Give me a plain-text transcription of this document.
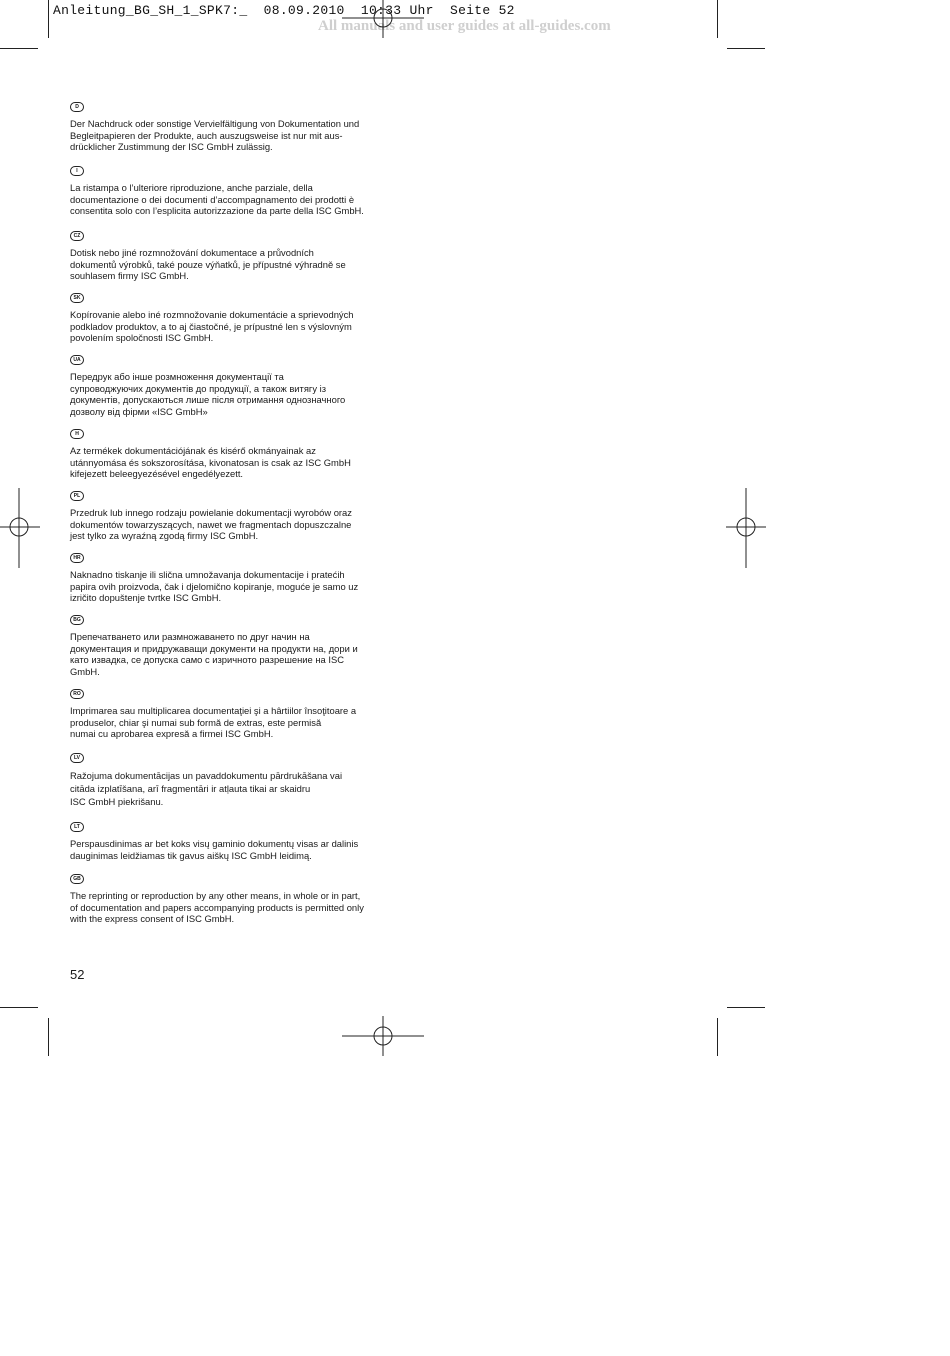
Anleitung_BG_SH_1_SPK7:_  08.09.2010  10:33 Uhr  Seite 52
All manuals and user guides at all-guides.com
D
Der Nachdruck oder sonstige Vervielfältigung von Dokumentation und
Begleitpapieren der Produkte, auch auszugsweise ist nur mit aus-
drücklicher Zustimmung der ISC GmbH zulässig.
I
La ristampa o l’ulteriore riproduzione, anche parziale, della
documentazione o dei documenti d’accompagnamento dei prodotti è
consentita solo con l’esplicita autorizzazione da parte della ISC GmbH.
CZ
Dotisk nebo jiné rozmnožování dokumentace a průvodních
dokumentů výrobků, také pouze výňatků, je přípustné výhradně se
souhlasem firmy ISC GmbH.
SK
Kopírovanie alebo iné rozmnožovanie dokumentácie a sprievodných
podkladov produktov, a to aj čiastočné, je prípustné len s výslovným
povolením spoločnosti ISC GmbH.
UA
Передрук або інше розмноження документації та
супроводжуючих документів до продукції, а також витягу із
документів, допускаються лише після отримання однозначного
дозволу від фірми «ISC GmbH»
H
Az termékek dokumentációjának és kisérő okmányainak az
utánnyomása és sokszorosítása, kivonatosan is csak az ISC GmbH
kifejezett beleegyezésével engedélyezett.
PL
Przedruk lub innego rodzaju powielanie dokumentacji wyrobów oraz
dokumentów towarzyszących, nawet we fragmentach dopuszczalne
jest tylko za wyraźną zgodą firmy ISC GmbH.
HR
Naknadno tiskanje ili slična umnožavanja dokumentacije i pratećih
papira ovih proizvoda, čak i djelomično kopiranje, moguće je samo uz
izričito dopuštenje tvrtke ISC GmbH.
BG
Препечатването или размножаването по друг начин на
документация и придружаващи документи на продукти на, дори и
като извадка, се допуска само с изричното разрешение на ISC
GmbH.
RO
Imprimarea sau multiplicarea documentaţiei şi a hârtiilor însoţitoare a
produselor, chiar şi numai sub formă de extras, este permisă
numai cu aprobarea expresă a firmei ISC GmbH.
LV
Ražojuma dokumentācijas un pavaddokumentu pārdrukāšana vai
citāda izplatīšana, arī fragmentāri ir atļauta tikai ar skaidru
ISC GmbH piekrišanu.
LT
Perspausdinimas ar bet koks visų gaminio dokumentų visas ar dalinis
dauginimas leidžiamas tik gavus aiškų ISC GmbH leidimą.
GB
The reprinting or reproduction by any other means, in whole or in part,
of documentation and papers accompanying products is permitted only
with the express consent of ISC GmbH.
52
